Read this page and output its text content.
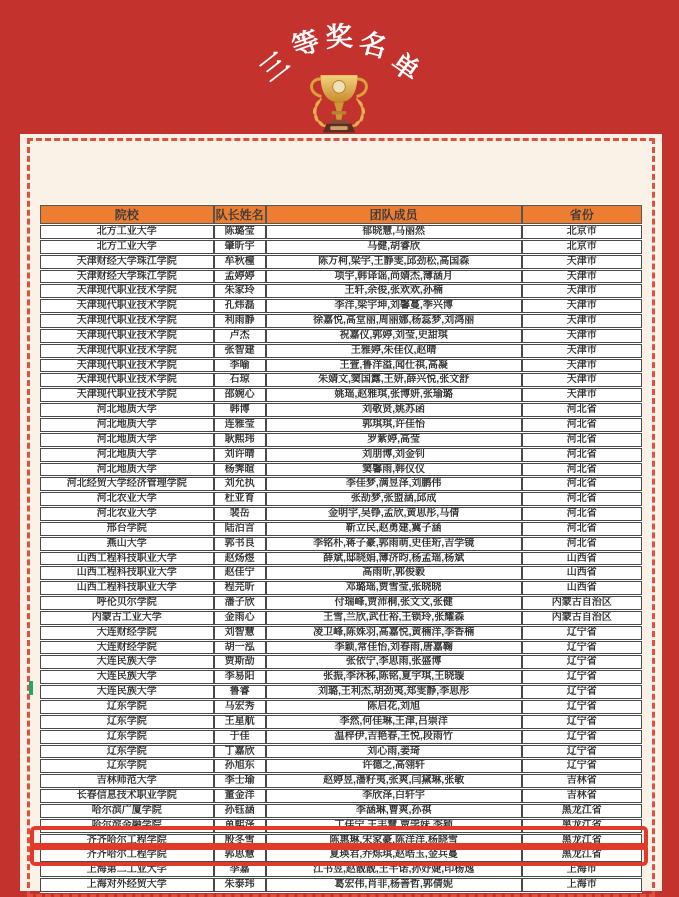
三
等 奖 名
单
院校	队长姓名	团队成员	省份
北方工业大学	陈璐莹	郁晓慧,马丽然	北京市
北方工业大学	肇昕宇	马健,胡睿欣	北京市
天津财经大学珠江学院	牟秋橦	陈万柯,梁宇,王静雯,邱劲松,高国森	天津市
天津财经大学珠江学院	孟婷婷	项宇,韩译谣,尚婧杰,薄涵月	天津市
天津现代职业技术学院	朱家玲	王轩,余俊,张欢欢,孙楠	天津市
天津现代职业技术学院	孔炜磊	李洋,梁宇坤,刘馨蔓,季兴博	天津市
天津现代职业技术学院	利雨静	徐嘉悦,高堂丽,周丽娜,杨蕊梦,刘鸿丽	天津市
天津现代职业技术学院	卢杰	祝嘉仪,郭婷,刘莹,史甜琪	天津市
天津现代职业技术学院	张智建	王雅婷,朱佳仪,赵晴	天津市
天津现代职业技术学院	李喻	王萱,鲁洋溢,闻仕祺,高凝	天津市
天津现代职业技术学院	石琼	朱婧文,窦国露,王妍,薛兴悦,张文舒	天津市
天津现代职业技术学院	邵婉心	姚瑶,赵雅琪,张博妍,张瑜璐	天津市
河北地质大学	韩博	刘敬贤,姚苏函	河北省
河北地质大学	连雅莹	郭琪琪,许佳怡	河北省
河北地质大学	耿熙玮	罗紫婷,高莹	河北省
河北地质大学	刘许晴	刘朋博,刘金钊	河北省
河北地质大学	杨霁暄	窦馨雨,韩仪仪	河北省
河北经贸大学经济管理学院	刘允执	李佳梦,满昱泽,刘鹏伟	河北省
河北农业大学	杜亚育	张劼梦,张盟涵,邱成	河北省
河北农业大学	裴岳	金明宇,吴铮,孟欣,黄思彤,马倩	河北省
邢台学院	陆泊言	靳立民,赵勇建,冀子涵	河北省
燕山大学	郭书良	李铭朴,蒋子豪,郭雨萌,史佳珩,吉学镜	河北省
山西工程科技职业大学	赵炀煜	薛斌,邸晓娟,薄济昀,杨孟瑶,杨斌	山西省
山西工程科技职业大学	赵佳宁	高雨昕,郭俊毅	山西省
山西工程科技职业大学	程芫昕	邓璐瑶,贾雪莹,张晓晓	山西省
呼伦贝尔学院	潘子欣	付瑞峰,贾沛桐,张文文,张健	内蒙古自治区
内蒙古工业大学	金雨心	王雪,兰欣,武仕裕,王锁玲,张耀森	内蒙古自治区
大连财经学院	刘智慧	凌卫峰,陈姝羽,高嘉悦,黄楠洋,李香楠	辽宁省
大连财经学院	胡一泓	李颖,常佳怡,刘春雨,唐嘉鞠	辽宁省
大连民族大学	贾斯劼	张依宁,李思雨,张盛博	辽宁省
大连民族大学	李易阳	张振,李沐秭,陈铭,夏宇琪,王晓璇	辽宁省
大连民族大学	鲁睿	刘璐,王利杰,胡劲夷,郑雯静,李思彤	辽宁省
辽东学院	马宏秀	陈启花,刘旭	辽宁省
辽东学院	王星航	李然,何佳琳,王津,吕崇洋	辽宁省
辽东学院	于佳	温梓伊,吉艳春,王悦,段雨竹	辽宁省
辽东学院	丁嘉欣	刘心雨,姜琦	辽宁省
辽东学院	孙旭东	许德之,高翎轩	辽宁省
吉林师范大学	李士瑜	赵婷昱,潘籽夷,张爽,闫黛琳,张敏	吉林省
长春信息技术职业学院	董金洋	李欣泽,白轩宇	吉林省
哈尔滨广厦学院	孙钰涵	李涵琳,曹爽,孙祺	黑龙江省
哈尔滨金融学院	单熙泽	丁佳宁,王丰慧,贾孛妹,李颖	黑龙江省
齐齐哈尔工程学院	殷冬雪	陈惠琳,宋家豪,陈洋洋,杨晓雪	黑龙江省
齐齐哈尔工程学院	郭思慧	夏瑛君,乔烁琪,赵晧玉,金兵蔓	黑龙江省
上海第二工业大学	李嘉	江书昱,赵靓靓,王芊诺,孙妤婕,印杨逸	上海市
上海对外经贸大学	朱泰玮	葛宏伟,肖非,杨善哲,郭倩妮	上海市
